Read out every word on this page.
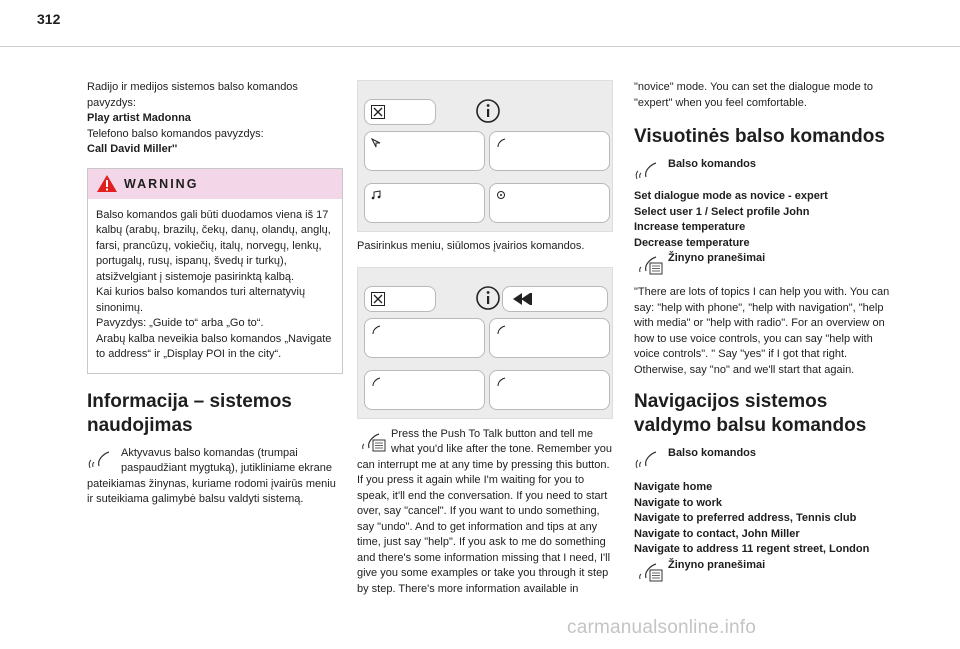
312
Radijo ir medijos sistemos balso komandos pavyzdys:
Play artist Madonna
Telefono balso komandos pavyzdys:
Call David Miller''
WARNING
Balso komandos gali būti duodamos viena iš 17 kalbų (arabų, brazilų, čekų, danų, olandų, anglų, farsi, prancūzų, vokiečių, italų, norvegų, lenkų, portugalų, rusų, ispanų, švedų ir turkų), atsižvelgiant į sistemoje pasirinktą kalbą.
Kai kurios balso komandos turi alternatyvių sinonimų.
Pavyzdys: „Guide to“ arba „Go to“.
Arabų kalba neveikia balso komandos „Navigate to address“ ir „Display POI in the city“.
Informacija – sistemos naudojimas
Aktyvavus balso komandas (trumpai paspaudžiant mygtuką), jutikliniame ekrane pateikiamas žinynas, kuriame rodomi įvairūs meniu ir suteikiama galimybė balsu valdyti sistemą.
Pasirinkus meniu, siūlomos įvairios komandos.
Press the Push To Talk button and tell me what you'd like after the tone. Remember you can interrupt me at any time by pressing this button. If you press it again while I'm waiting for you to speak, it'll end the conversation. If you need to start over, say "cancel". If you want to undo something, say "undo". And to get information and tips at any time, just say "help". If you ask to me do something and there's some information missing that I need, I'll give you some examples or take you through it step by step. There's more information available in
"novice" mode. You can set the dialogue mode to "expert" when you feel comfortable.
Visuotinės balso komandos
Balso komandos
Set dialogue mode as novice - expert
Select user 1 / Select profile John
Increase temperature
Decrease temperature
Žinyno pranešimai
"There are lots of topics I can help you with. You can say: "help with phone", "help with navigation", "help with media" or "help with radio". For an overview on how to use voice controls, you can say "help with voice controls". " Say "yes" if I got that right. Otherwise, say "no" and we'll start that again.
Navigacijos sistemos valdymo balsu komandos
Balso komandos
Navigate home
Navigate to work
Navigate to preferred address, Tennis club
Navigate to contact, John Miller
Navigate to address 11 regent street, London
Žinyno pranešimai
carmanualsonline.info
